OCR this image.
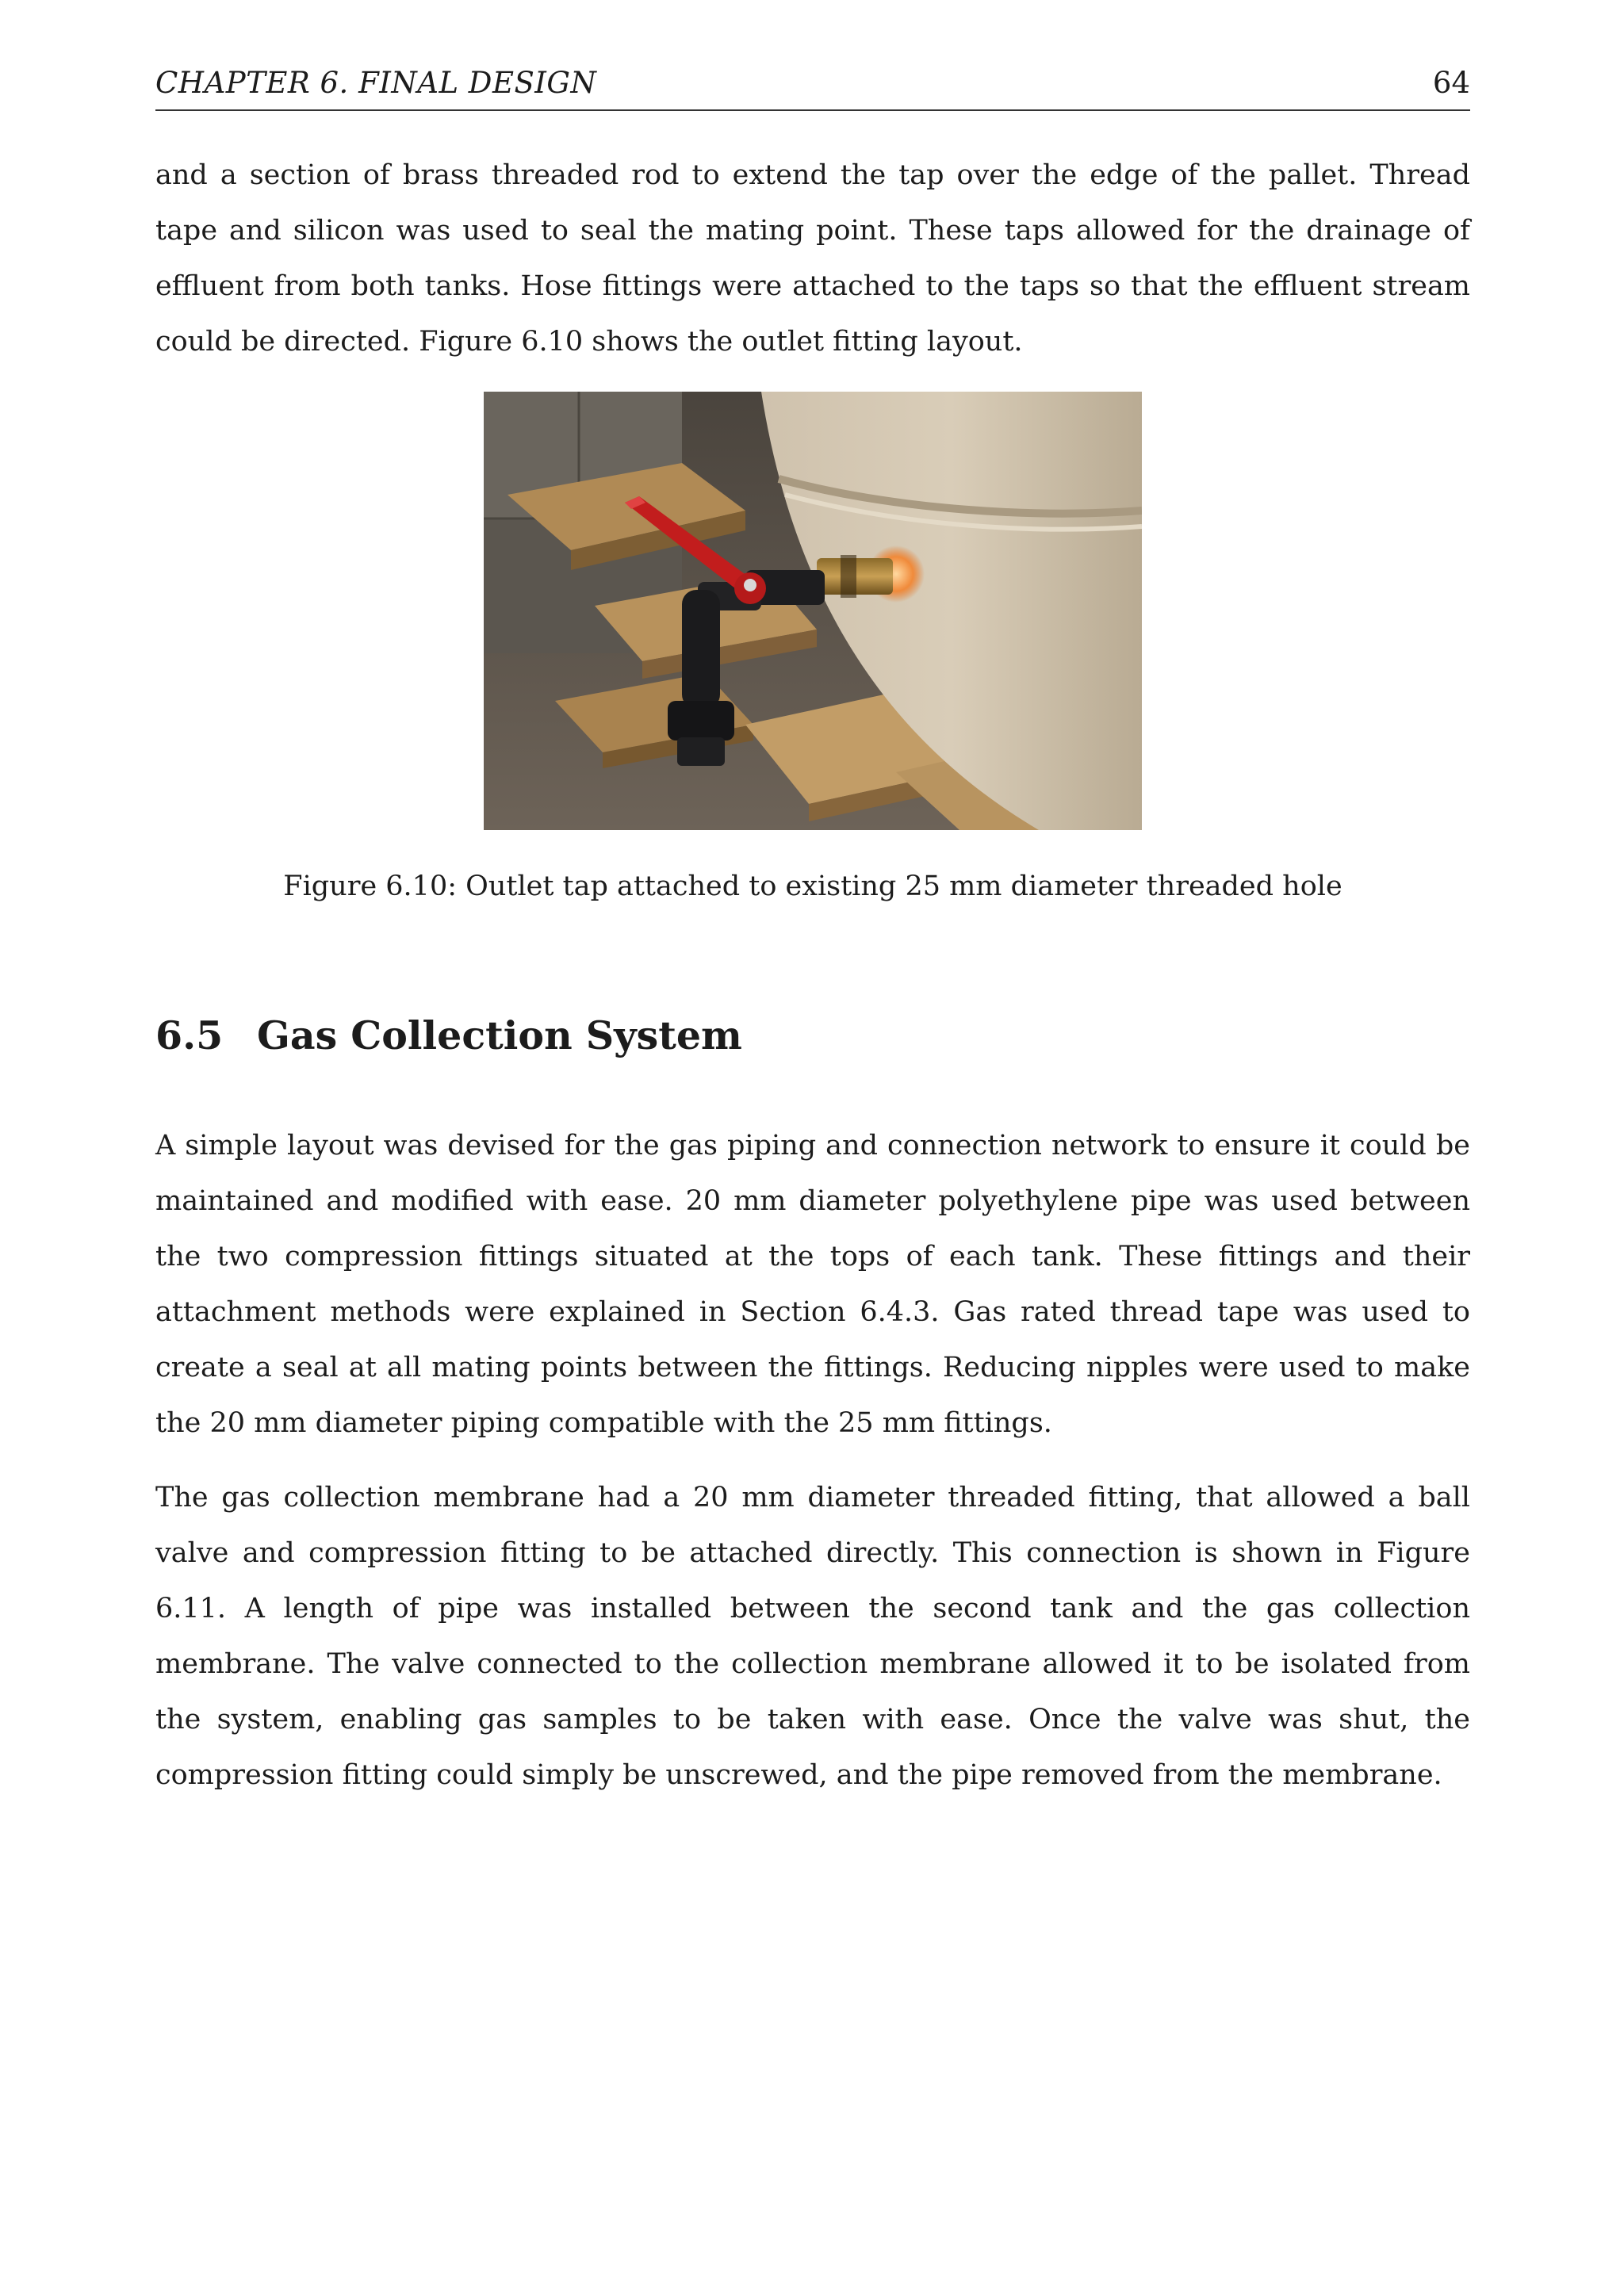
CHAPTER 6. FINAL DESIGN	64

and a section of brass threaded rod to extend the tap over the edge of the pallet. Thread tape and silicon was used to seal the mating point. These taps allowed for the drainage of effluent from both tanks. Hose fittings were attached to the taps so that the effluent stream could be directed. Figure 6.10 shows the outlet fitting layout.

Figure 6.10: Outlet tap attached to existing 25 mm diameter threaded hole
6.5 Gas Collection System

A simple layout was devised for the gas piping and connection network to ensure it could be maintained and modified with ease. 20 mm diameter polyethylene pipe was used between the two compression fittings situated at the tops of each tank. These fittings and their attachment methods were explained in Section 6.4.3. Gas rated thread tape was used to create a seal at all mating points between the fittings. Reducing nipples were used to make the 20 mm diameter piping compatible with the 25 mm fittings.

The gas collection membrane had a 20 mm diameter threaded fitting, that allowed a ball valve and compression fitting to be attached directly. This connection is shown in Figure 6.11. A length of pipe was installed between the second tank and the gas collection membrane. The valve connected to the collection membrane allowed it to be isolated from the system, enabling gas samples to be taken with ease. Once the valve was shut, the compression fitting could simply be unscrewed, and the pipe removed from the membrane.
